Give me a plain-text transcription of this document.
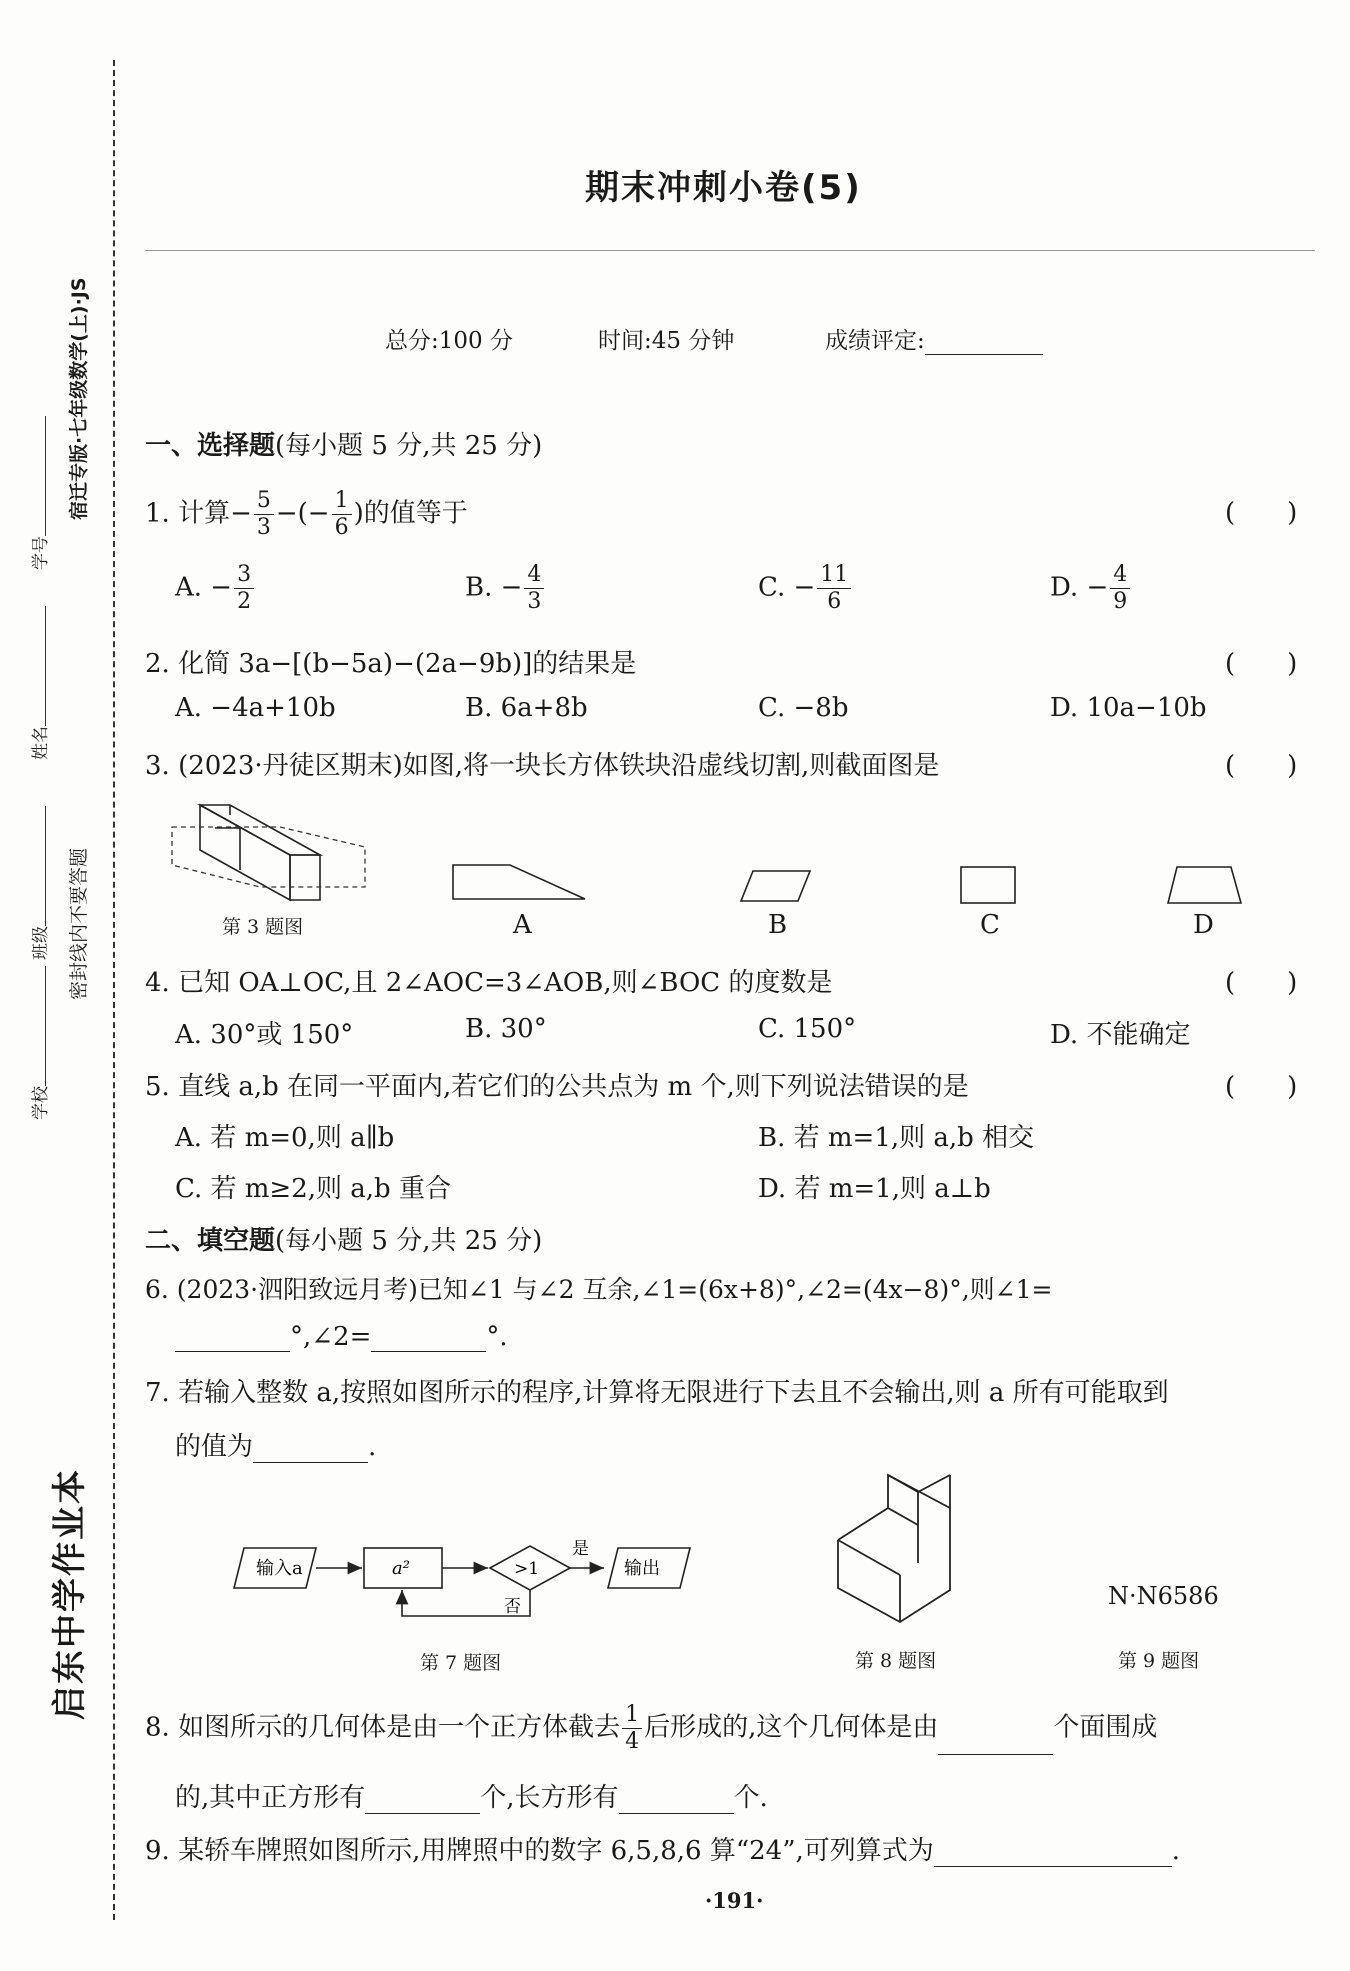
宿迁专版·七年级数学(上)·JS
密封线内不要答题
学校
班级
姓名
学号
启东中学作业本
期末冲刺小卷(5)
总分:100 分	时间:45 分钟	成绩评定:
一、选择题(每小题 5 分,共 25 分)
1. 计算− $\frac{5}{3}$ −(− $\frac{1}{6}$ )的值等于	(　　)
A. − $\frac{3}{2}$	B. − $\frac{4}{3}$	C. − $\frac{11}{6}$	D. − $\frac{4}{9}$
2. 化简 3a−[(b−5a)−(2a−9b)]的结果是	(　　)
A. −4a+10b	B. 6a+8b	C. −8b	D. 10a−10b
3. (2023·丹徒区期末)如图,将一块长方体铁块沿虚线切割,则截面图是	(　　)
第 3 题图	A	B	C	D
4. 已知 OA⊥OC,且 2∠AOC=3∠AOB,则∠BOC 的度数是	(　　)
A. 30°或 150°	B. 30°	C. 150°	D. 不能确定
5. 直线 a,b 在同一平面内,若它们的公共点为 m 个,则下列说法错误的是	(　　)
A. 若 m=0,则 a∥b	B. 若 m=1,则 a,b 相交
C. 若 m≥2,则 a,b 重合	D. 若 m=1,则 a⊥b
二、填空题(每小题 5 分,共 25 分)
6. (2023·泗阳致远月考)已知∠1 与∠2 互余,∠1=(6x+8)°,∠2=(4x−8)°,则∠1=
°,∠2=	°.
7. 若输入整数 a,按照如图所示的程序,计算将无限进行下去且不会输出,则 a 所有可能取到
的值为	.
输入a	a²	>1
是
否
输出
第 7 题图	第 8 题图
N·N6586
第 9 题图
8. 如图所示的几何体是由一个正方体截去 $\frac{1}{4}$ 后形成的,这个几何体是由	个面围成
的,其中正方形有	个,长方形有	个.
9. 某轿车牌照如图所示,用牌照中的数字 6,5,8,6 算“24”,可列算式为	.
·191·
